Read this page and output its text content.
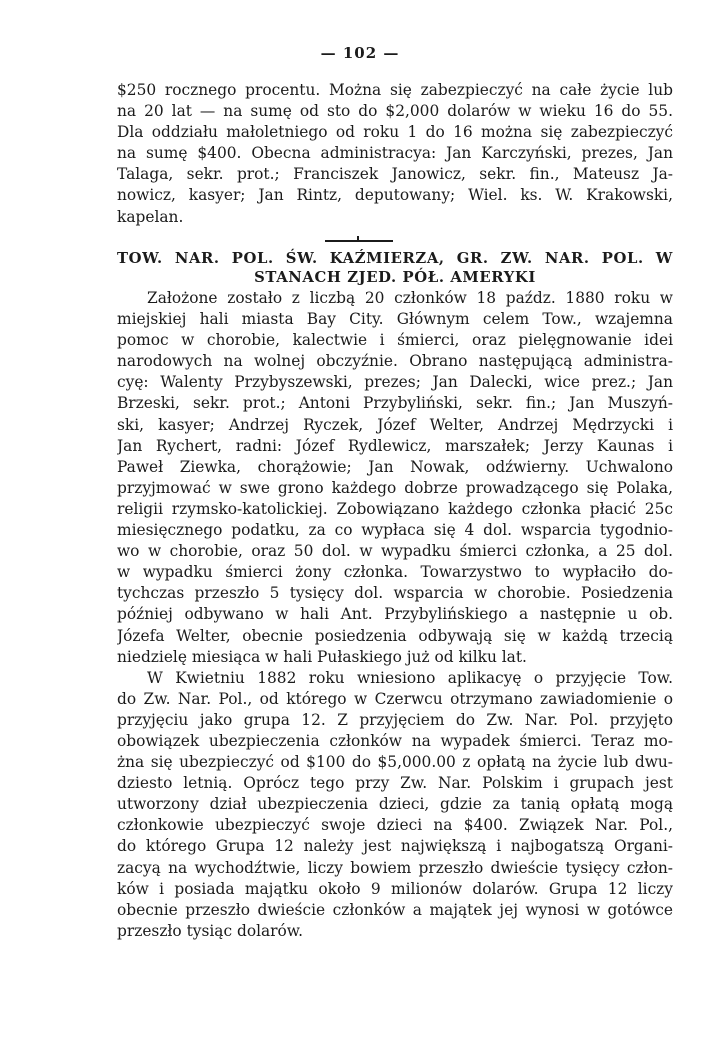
— 102 —
$250 rocznego procentu. Można się zabezpieczyć na całe życie lub
na 20 lat — na sumę od sto do $2,000 dolarów w wieku 16 do 55.
Dla oddziału małoletniego od roku 1 do 16 można się zabezpieczyć
na sumę $400. Obecna administracya: Jan Karczyński, prezes, Jan
Talaga, sekr. prot.; Franciszek Janowicz, sekr. fin., Mateusz Ja-
nowicz, kasyer; Jan Rintz, deputowany; Wiel. ks. W. Krakowski,
kapelan.
TOW. NAR. POL. ŚW. KAŹMIERZA, GR. ZW. NAR. POL. W
STANACH ZJED. PÓŁ. AMERYKI
Założone zostało z liczbą 20 członków 18 paźdz. 1880 roku w
miejskiej hali miasta Bay City. Głównym celem Tow., wzajemna
pomoc w chorobie, kalectwie i śmierci, oraz pielęgnowanie idei
narodowych na wolnej obczyźnie. Obrano następującą administra-
cyę: Walenty Przybyszewski, prezes; Jan Dalecki, wice prez.; Jan
Brzeski, sekr. prot.; Antoni Przybyliński, sekr. fin.; Jan Muszyń-
ski, kasyer; Andrzej Ryczek, Józef Welter, Andrzej Mędrzycki i
Jan Rychert, radni: Józef Rydlewicz, marszałek; Jerzy Kaunas i
Paweł Ziewka, chorążowie; Jan Nowak, odźwierny. Uchwalono
przyjmować w swe grono każdego dobrze prowadzącego się Polaka,
religii rzymsko-katolickiej. Zobowiązano każdego członka płacić 25c
miesięcznego podatku, za co wypłaca się 4 dol. wsparcia tygodnio-
wo w chorobie, oraz 50 dol. w wypadku śmierci członka, a 25 dol.
w wypadku śmierci żony członka. Towarzystwo to wypłaciło do-
tychczas przeszło 5 tysięcy dol. wsparcia w chorobie. Posiedzenia
później odbywano w hali Ant. Przybylińskiego a następnie u ob.
Józefa Welter, obecnie posiedzenia odbywają się w każdą trzecią
niedzielę miesiąca w hali Pułaskiego już od kilku lat.
W Kwietniu 1882 roku wniesiono aplikacyę o przyjęcie Tow.
do Zw. Nar. Pol., od którego w Czerwcu otrzymano zawiadomienie o
przyjęciu jako grupa 12. Z przyjęciem do Zw. Nar. Pol. przyjęto
obowiązek ubezpieczenia członków na wypadek śmierci. Teraz mo-
żna się ubezpieczyć od $100 do $5,000.00 z opłatą na życie lub dwu-
dziesto letnią. Oprócz tego przy Zw. Nar. Polskim i grupach jest
utworzony dział ubezpieczenia dzieci, gdzie za tanią opłatą mogą
członkowie ubezpieczyć swoje dzieci na $400. Związek Nar. Pol.,
do którego Grupa 12 należy jest największą i najbogatszą Organi-
zacyą na wychodźtwie, liczy bowiem przeszło dwieście tysięcy człon-
ków i posiada majątku około 9 milionów dolarów. Grupa 12 liczy
obecnie przeszło dwieście członków a majątek jej wynosi w gotówce
przeszło tysiąc dolarów.
